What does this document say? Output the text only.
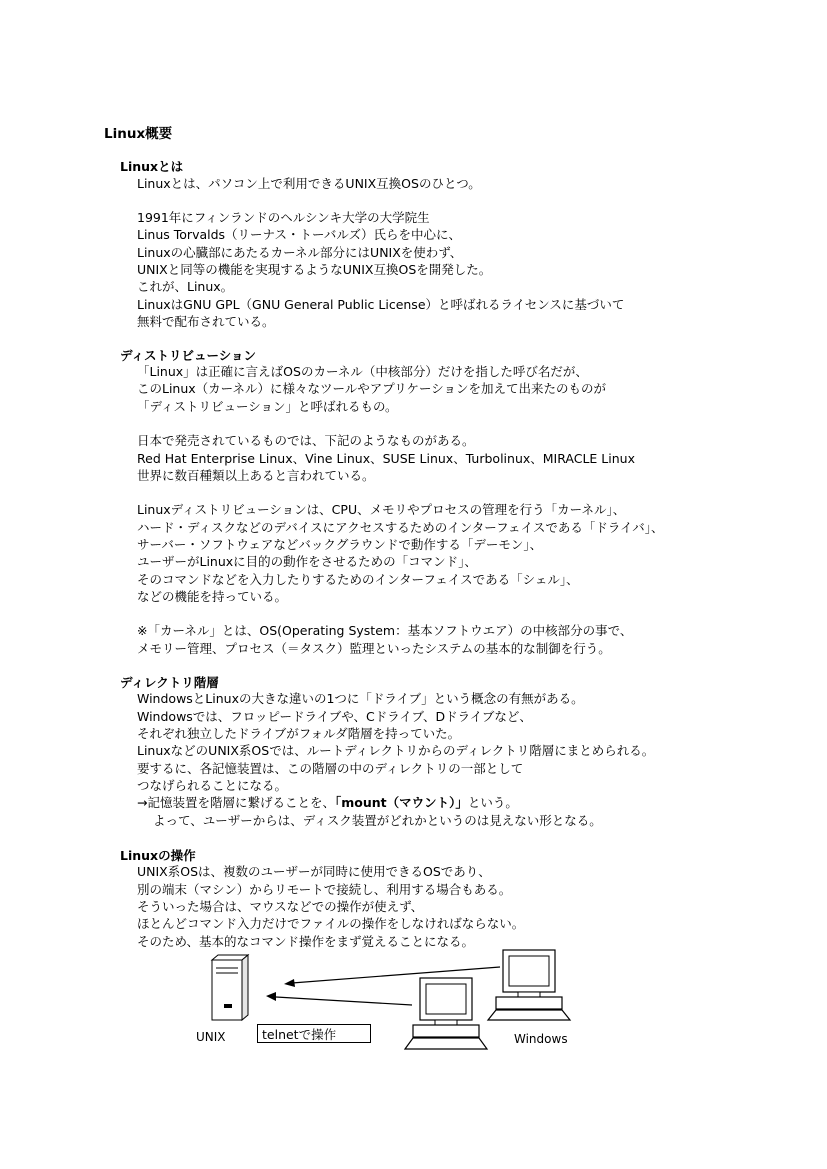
Linux概要
Linuxとは
Linuxとは、パソコン上で利用できるUNIX互換OSのひとつ。
1991年にフィンランドのヘルシンキ大学の大学院生
Linus Torvalds（リーナス・トーバルズ）氏らを中心に、
Linuxの心臓部にあたるカーネル部分にはUNIXを使わず、
UNIXと同等の機能を実現するようなUNIX互換OSを開発した。
これが、Linux。
LinuxはGNU GPL（GNU General Public License）と呼ばれるライセンスに基づいて
無料で配布されている。
ディストリビューション
「Linux」は正確に言えばOSのカーネル（中核部分）だけを指した呼び名だが、
このLinux（カーネル）に様々なツールやアプリケーションを加えて出来たのものが
「ディストリビューション」と呼ばれるもの。
日本で発売されているものでは、下記のようなものがある。
Red Hat Enterprise Linux、Vine Linux、SUSE Linux、Turbolinux、MIRACLE Linux
世界に数百種類以上あると言われている。
Linuxディストリビューションは、CPU、メモリやプロセスの管理を行う「カーネル」、
ハード・ディスクなどのデバイスにアクセスするためのインターフェイスである「ドライバ」、
サーバー・ソフトウェアなどバックグラウンドで動作する「デーモン」、
ユーザーがLinuxに目的の動作をさせるための「コマンド」、
そのコマンドなどを入力したりするためのインターフェイスである「シェル」、
などの機能を持っている。
※「カーネル」とは、OS(Operating System：基本ソフトウエア）の中核部分の事で、
メモリー管理、プロセス（＝タスク）監理といったシステムの基本的な制御を行う。
ディレクトリ階層
WindowsとLinuxの大きな違いの1つに「ドライブ」という概念の有無がある。
Windowsでは、フロッピードライブや、Cドライブ、Dドライブなど、
それぞれ独立したドライブがフォルダ階層を持っていた。
LinuxなどのUNIX系OSでは、ルートディレクトリからのディレクトリ階層にまとめられる。
要するに、各記憶装置は、この階層の中のディレクトリの一部として
つなげられることになる。
→記憶装置を階層に繋げることを、「mount（マウント）」という。
よって、ユーザーからは、ディスク装置がどれかというのは見えない形となる。
Linuxの操作
UNIX系OSは、複数のユーザーが同時に使用できるOSであり、
別の端末（マシン）からリモートで接続し、利用する場合もある。
そういった場合は、マウスなどでの操作が使えず、
ほとんどコマンド入力だけでファイルの操作をしなければならない。
そのため、基本的なコマンド操作をまず覚えることになる。
UNIX	telnetで操作	Windows
